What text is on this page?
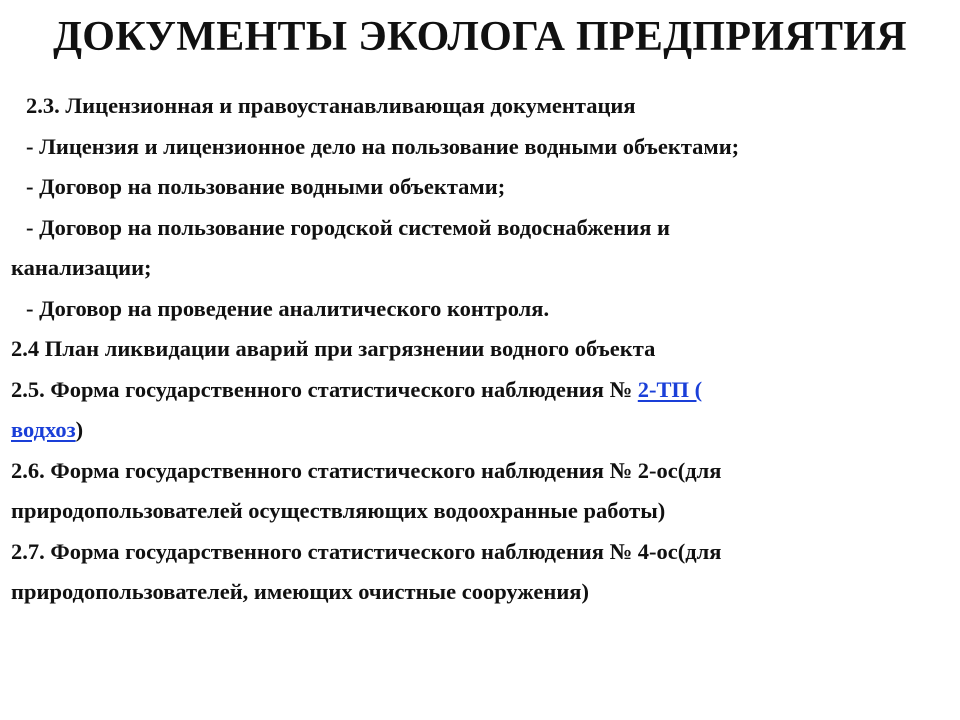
ДОКУМЕНТЫ ЭКОЛОГА ПРЕДПРИЯТИЯ
2.3. Лицензионная и правоустанавливающая документация
- Лицензия и лицензионное дело на пользование водными объектами;
- Договор на пользование водными объектами;
- Договор на пользование городской системой водоснабжения и
канализации;
- Договор на проведение аналитического контроля.
2.4 План ликвидации аварий при загрязнении водного объекта
2.5. Форма государственного статистического наблюдения № 2-ТП (
водхоз)
2.6. Форма государственного статистического наблюдения № 2-ос(для
природопользователей осуществляющих водоохранные работы)
2.7. Форма государственного статистического наблюдения № 4-ос(для
природопользователей, имеющих очистные сооружения)
